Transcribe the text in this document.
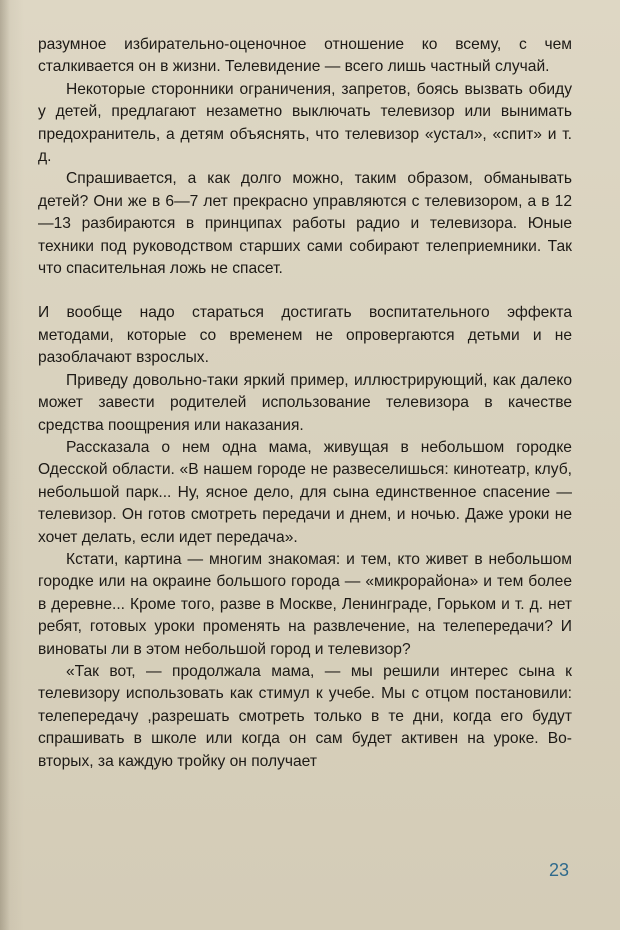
разумное избирательно-оценочное отношение ко всему, с чем сталкивается он в жизни. Телевидение — всего лишь частный случай.

Некоторые сторонники ограничения, запретов, боясь вызвать обиду у детей, предлагают незаметно выключать телевизор или вынимать предохранитель, а детям объяснять, что телевизор «устал», «спит» и т. д.

Спрашивается, а как долго можно, таким образом, обманывать детей? Они же в 6—7 лет прекрасно управляются с телевизором, а в 12—13 разбираются в принципах работы радио и телевизора. Юные техники под руководством старших сами собирают телеприемники. Так что спасительная ложь не спасет.

И вообще надо стараться достигать воспитательного эффекта методами, которые со временем не опровергаются детьми и не разоблачают взрослых.

Приведу довольно-таки яркий пример, иллюстрирующий, как далеко может завести родителей использование телевизора в качестве средства поощрения или наказания.

Рассказала о нем одна мама, живущая в небольшом городке Одесской области. «В нашем городе не развеселишься: кинотеатр, клуб, небольшой парк... Ну, ясное дело, для сына единственное спасение — телевизор. Он готов смотреть передачи и днем, и ночью. Даже уроки не хочет делать, если идет передача».

Кстати, картина — многим знакомая: и тем, кто живет в небольшом городке или на окраине большого города — «микрорайона» и тем более в деревне... Кроме того, разве в Москве, Ленинграде, Горьком и т. д. нет ребят, готовых уроки променять на развлечение, на телепередачи? И виноваты ли в этом небольшой город и телевизор?

«Так вот, — продолжала мама, — мы решили интерес сына к телевизору использовать как стимул к учебе. Мы с отцом постановили: телепередачу ,разрешать смотреть только в те дни, когда его будут спрашивать в школе или когда он сам будет активен на уроке. Во-вторых, за каждую тройку он получает

23
